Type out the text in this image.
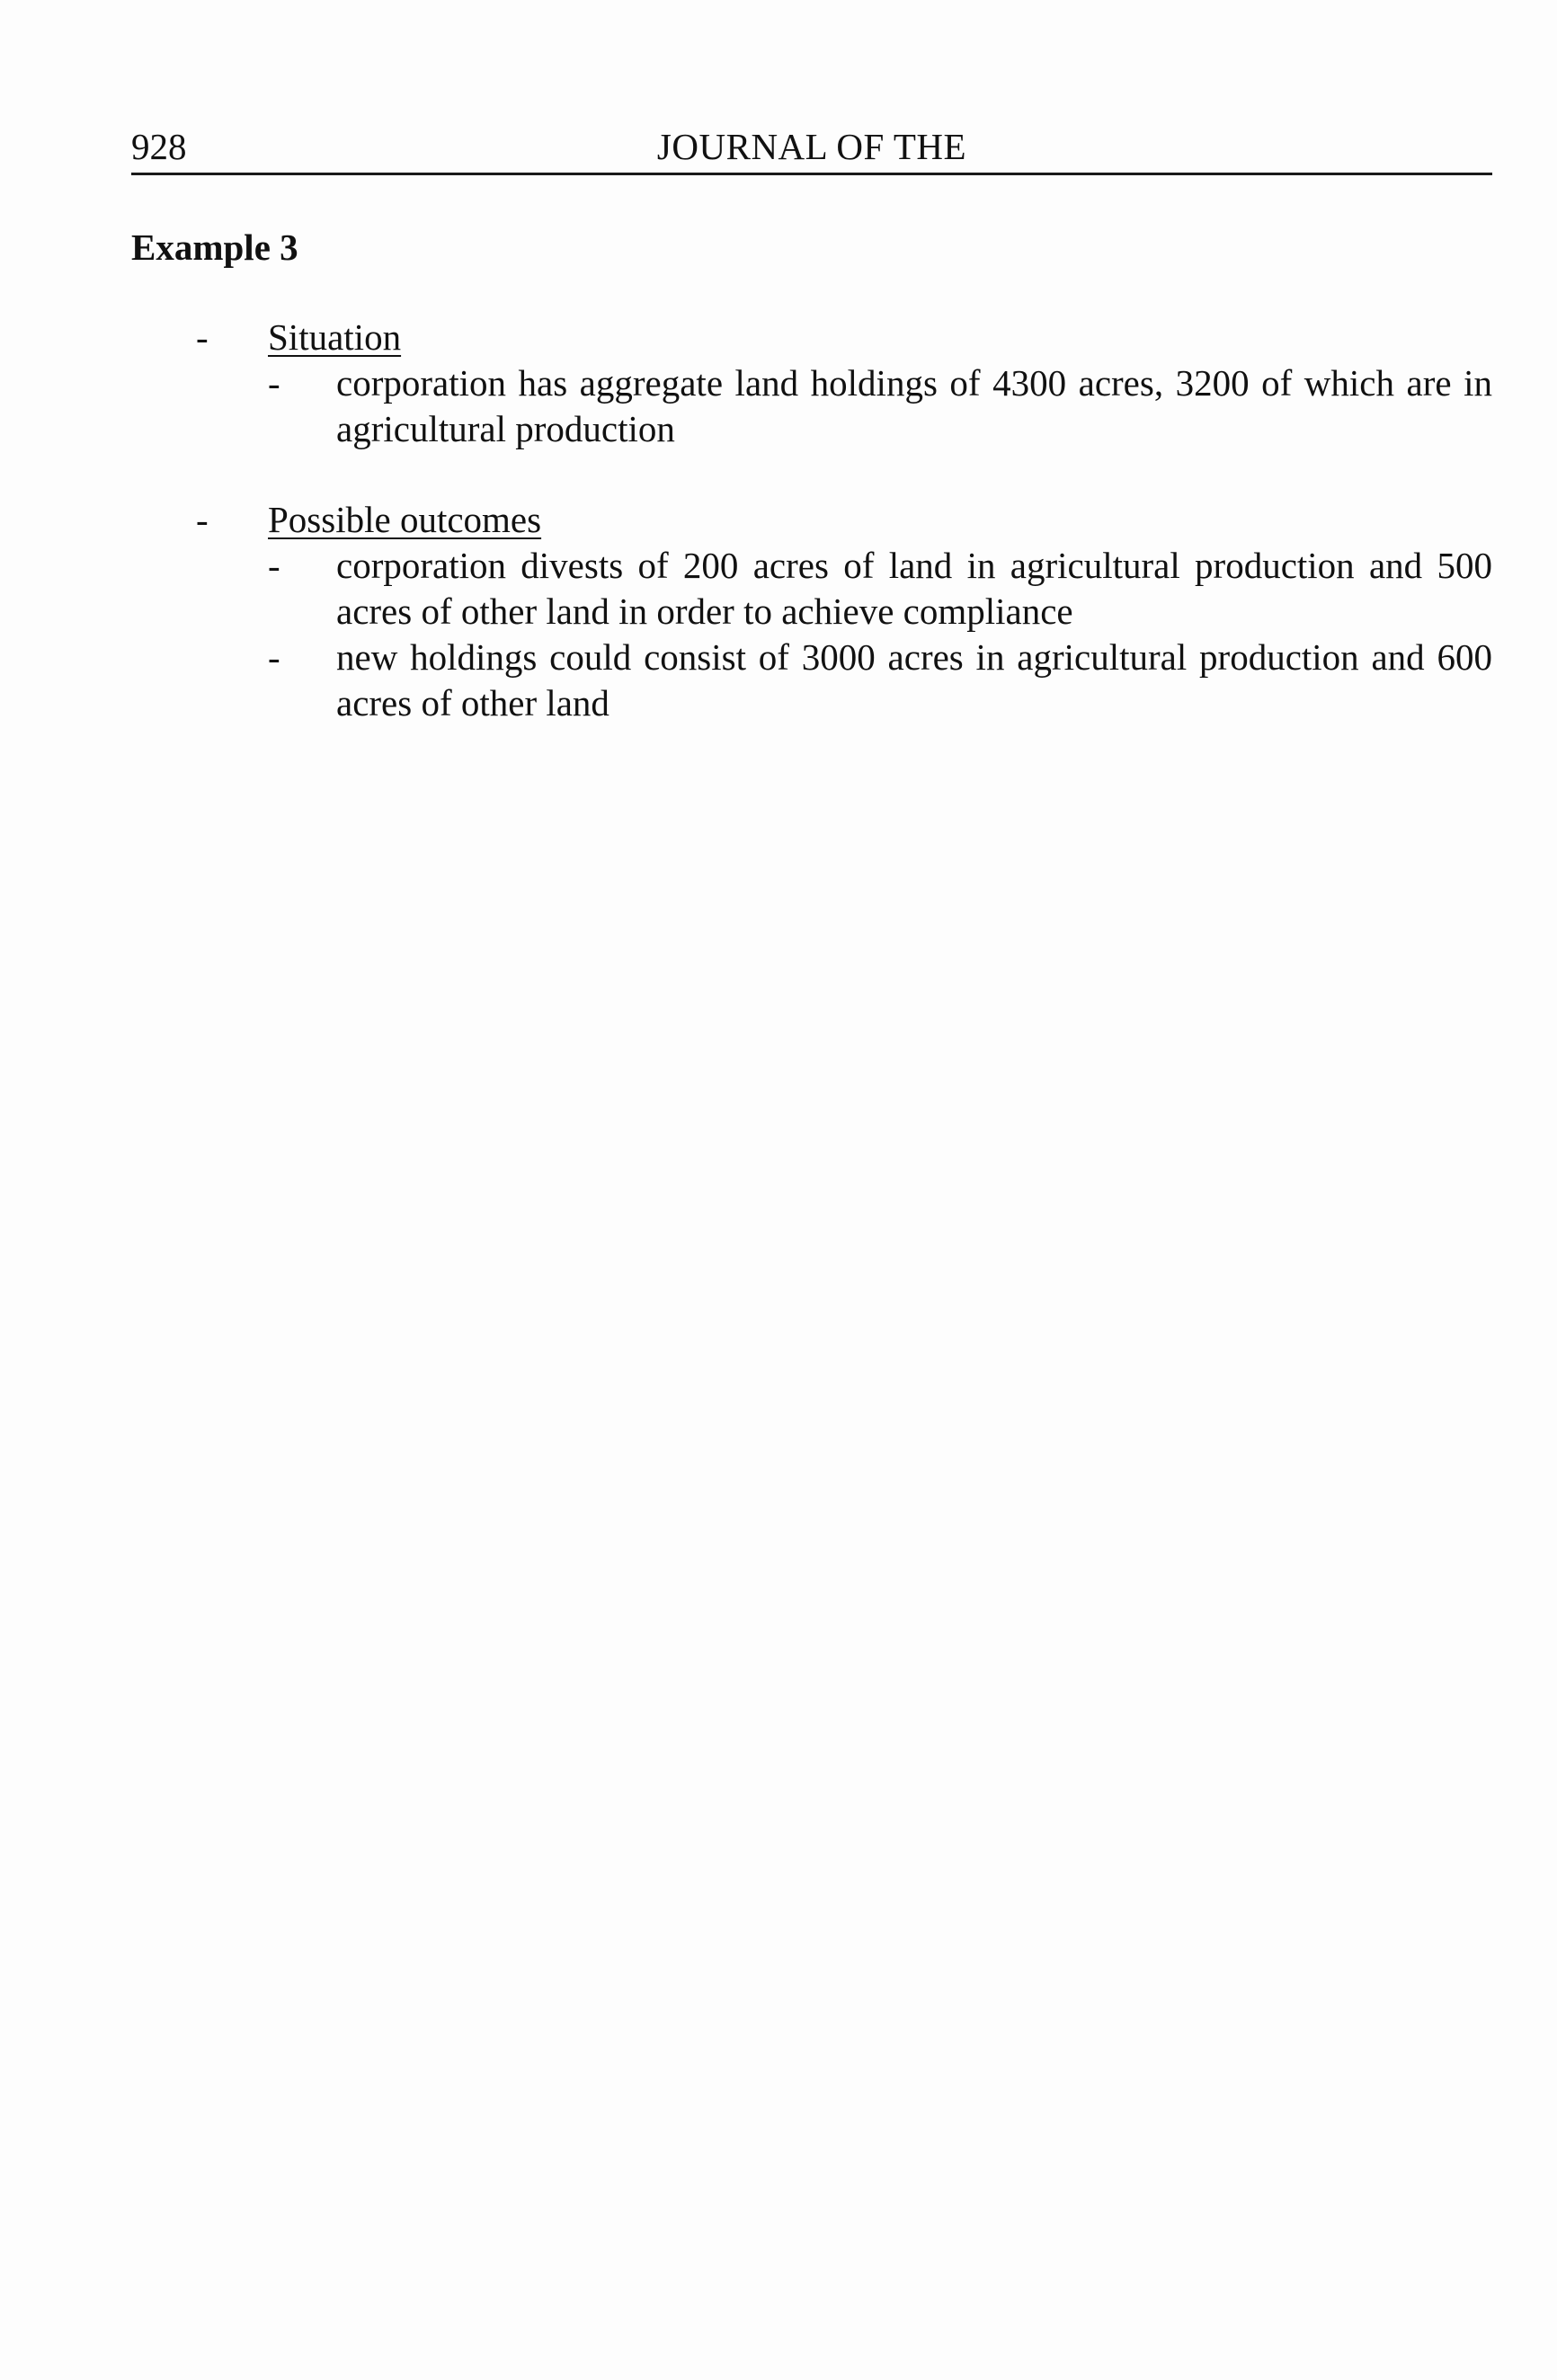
928	JOURNAL OF THE
Example 3
- Situation
- corporation has aggregate land holdings of 4300 acres, 3200 of which are in agricultural production
- Possible outcomes
- corporation divests of 200 acres of land in agricultural production and 500 acres of other land in order to achieve compliance
- new holdings could consist of 3000 acres in agricultural production and 600 acres of other land
